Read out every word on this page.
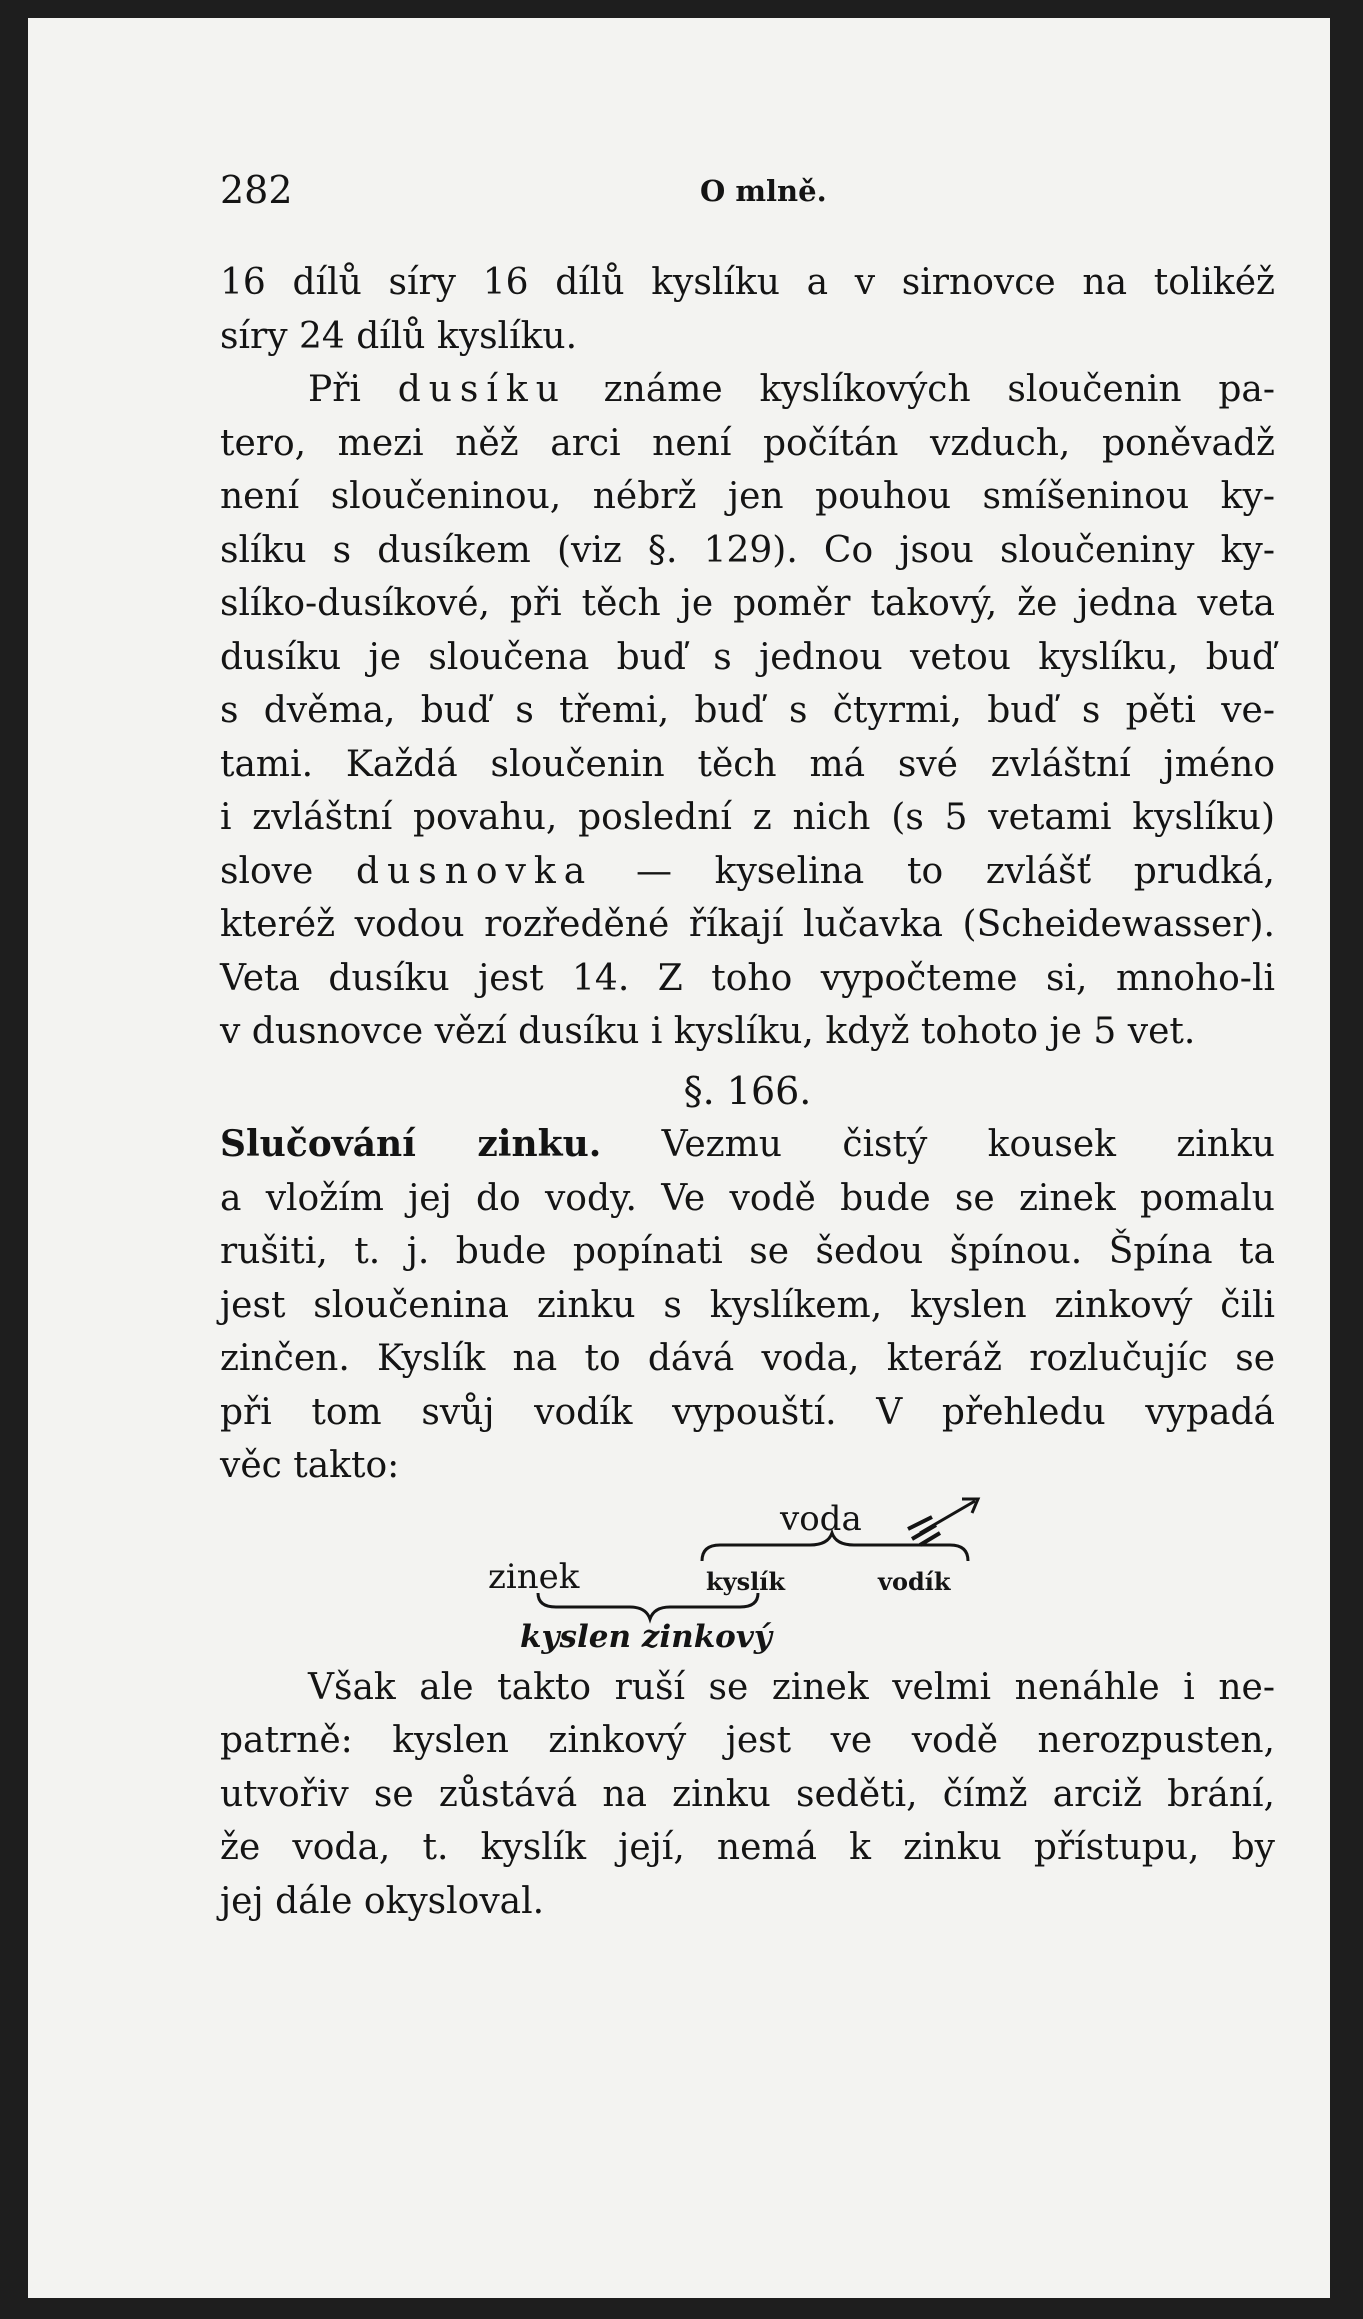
282	O mlně.
16 dílů síry 16 dílů kyslíku a v sirnovce na tolikéž
síry 24 dílů kyslíku.
Při dusíku známe kyslíkových sloučenin pa-
tero, mezi něž arci není počítán vzduch, poněvadž
není sloučeninou, nébrž jen pouhou smíšeninou ky-
slíku s dusíkem (viz §. 129). Co jsou sloučeniny ky-
slíko-dusíkové, při těch je poměr takový, že jedna veta
dusíku je sloučena buď s jednou vetou kyslíku, buď
s dvěma, buď s třemi, buď s čtyrmi, buď s pěti ve-
tami. Každá sloučenin těch má své zvláštní jméno
i zvláštní povahu, poslední z nich (s 5 vetami kyslíku)
slove dusnovka — kyselina to zvlášť prudká,
kteréž vodou rozředěné říkají lučavka (Scheidewasser).
Veta dusíku jest 14. Z toho vypočteme si, mnoho-li
v dusnovce vězí dusíku i kyslíku, když tohoto je 5 vet.
§. 166.
Slučování zinku. Vezmu čistý kousek zinku
a vložím jej do vody. Ve vodě bude se zinek pomalu
rušiti, t. j. bude popínati se šedou špínou. Špína ta
jest sloučenina zinku s kyslíkem, kyslen zinkový čili
zinčen. Kyslík na to dává voda, kteráž rozlučujíc se
při tom svůj vodík vypouští. V přehledu vypadá
věc takto:
voda
zinek	kyslík	vodík
kyslen zinkový
Však ale takto ruší se zinek velmi nenáhle i ne-
patrně: kyslen zinkový jest ve vodě nerozpusten,
utvořiv se zůstává na zinku seděti, čímž arciž brání,
že voda, t. kyslík její, nemá k zinku přístupu, by
jej dále okysloval.
